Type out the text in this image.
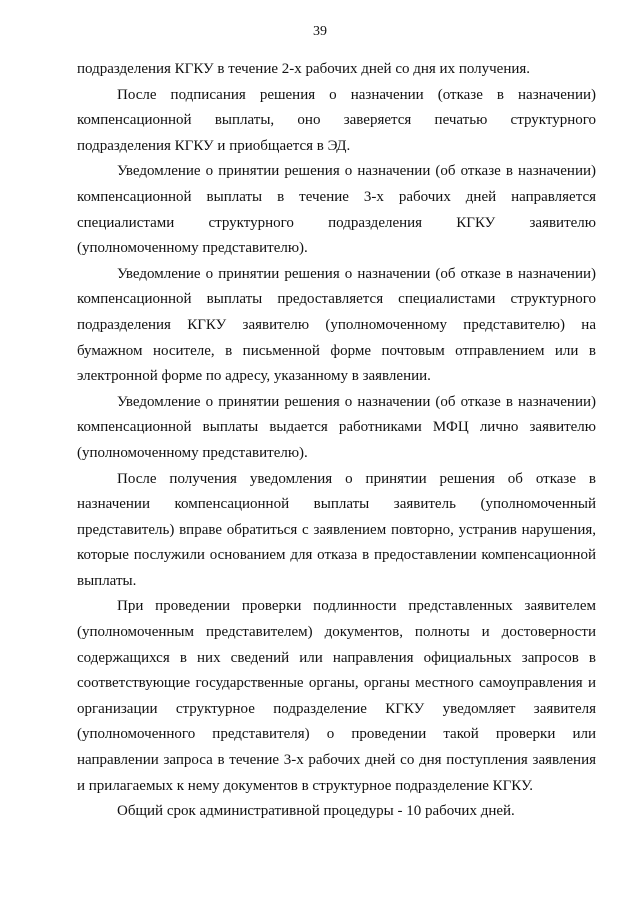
39

подразделения КГКУ в течение 2-х рабочих дней со дня их получения.

После подписания решения о назначении (отказе в назначении) компенсационной выплаты, оно заверяется печатью структурного подразделения КГКУ и приобщается в ЭД.

Уведомление о принятии решения о назначении (об отказе в назначении) компенсационной выплаты в течение 3-х рабочих дней направляется специалистами структурного подразделения КГКУ заявителю (уполномоченному представителю).

Уведомление о принятии решения о назначении (об отказе в назначении) компенсационной выплаты предоставляется специалистами структурного подразделения КГКУ заявителю (уполномоченному представителю) на бумажном носителе, в письменной форме почтовым отправлением или в электронной форме по адресу, указанному в заявлении.

Уведомление о принятии решения о назначении (об отказе в назначении) компенсационной выплаты выдается работниками МФЦ лично заявителю (уполномоченному представителю).

После получения уведомления о принятии решения об отказе в назначении компенсационной выплаты заявитель (уполномоченный представитель) вправе обратиться с заявлением повторно, устранив нарушения, которые послужили основанием для отказа в предоставлении компенсационной выплаты.

При проведении проверки подлинности представленных заявителем (уполномоченным представителем) документов, полноты и достоверности содержащихся в них сведений или направления официальных запросов в соответствующие государственные органы, органы местного самоуправления и организации структурное подразделение КГКУ уведомляет заявителя (уполномоченного представителя) о проведении такой проверки или направлении запроса в течение 3-х рабочих дней со дня поступления заявления и прилагаемых к нему документов в структурное подразделение КГКУ.

Общий срок административной процедуры - 10 рабочих дней.
